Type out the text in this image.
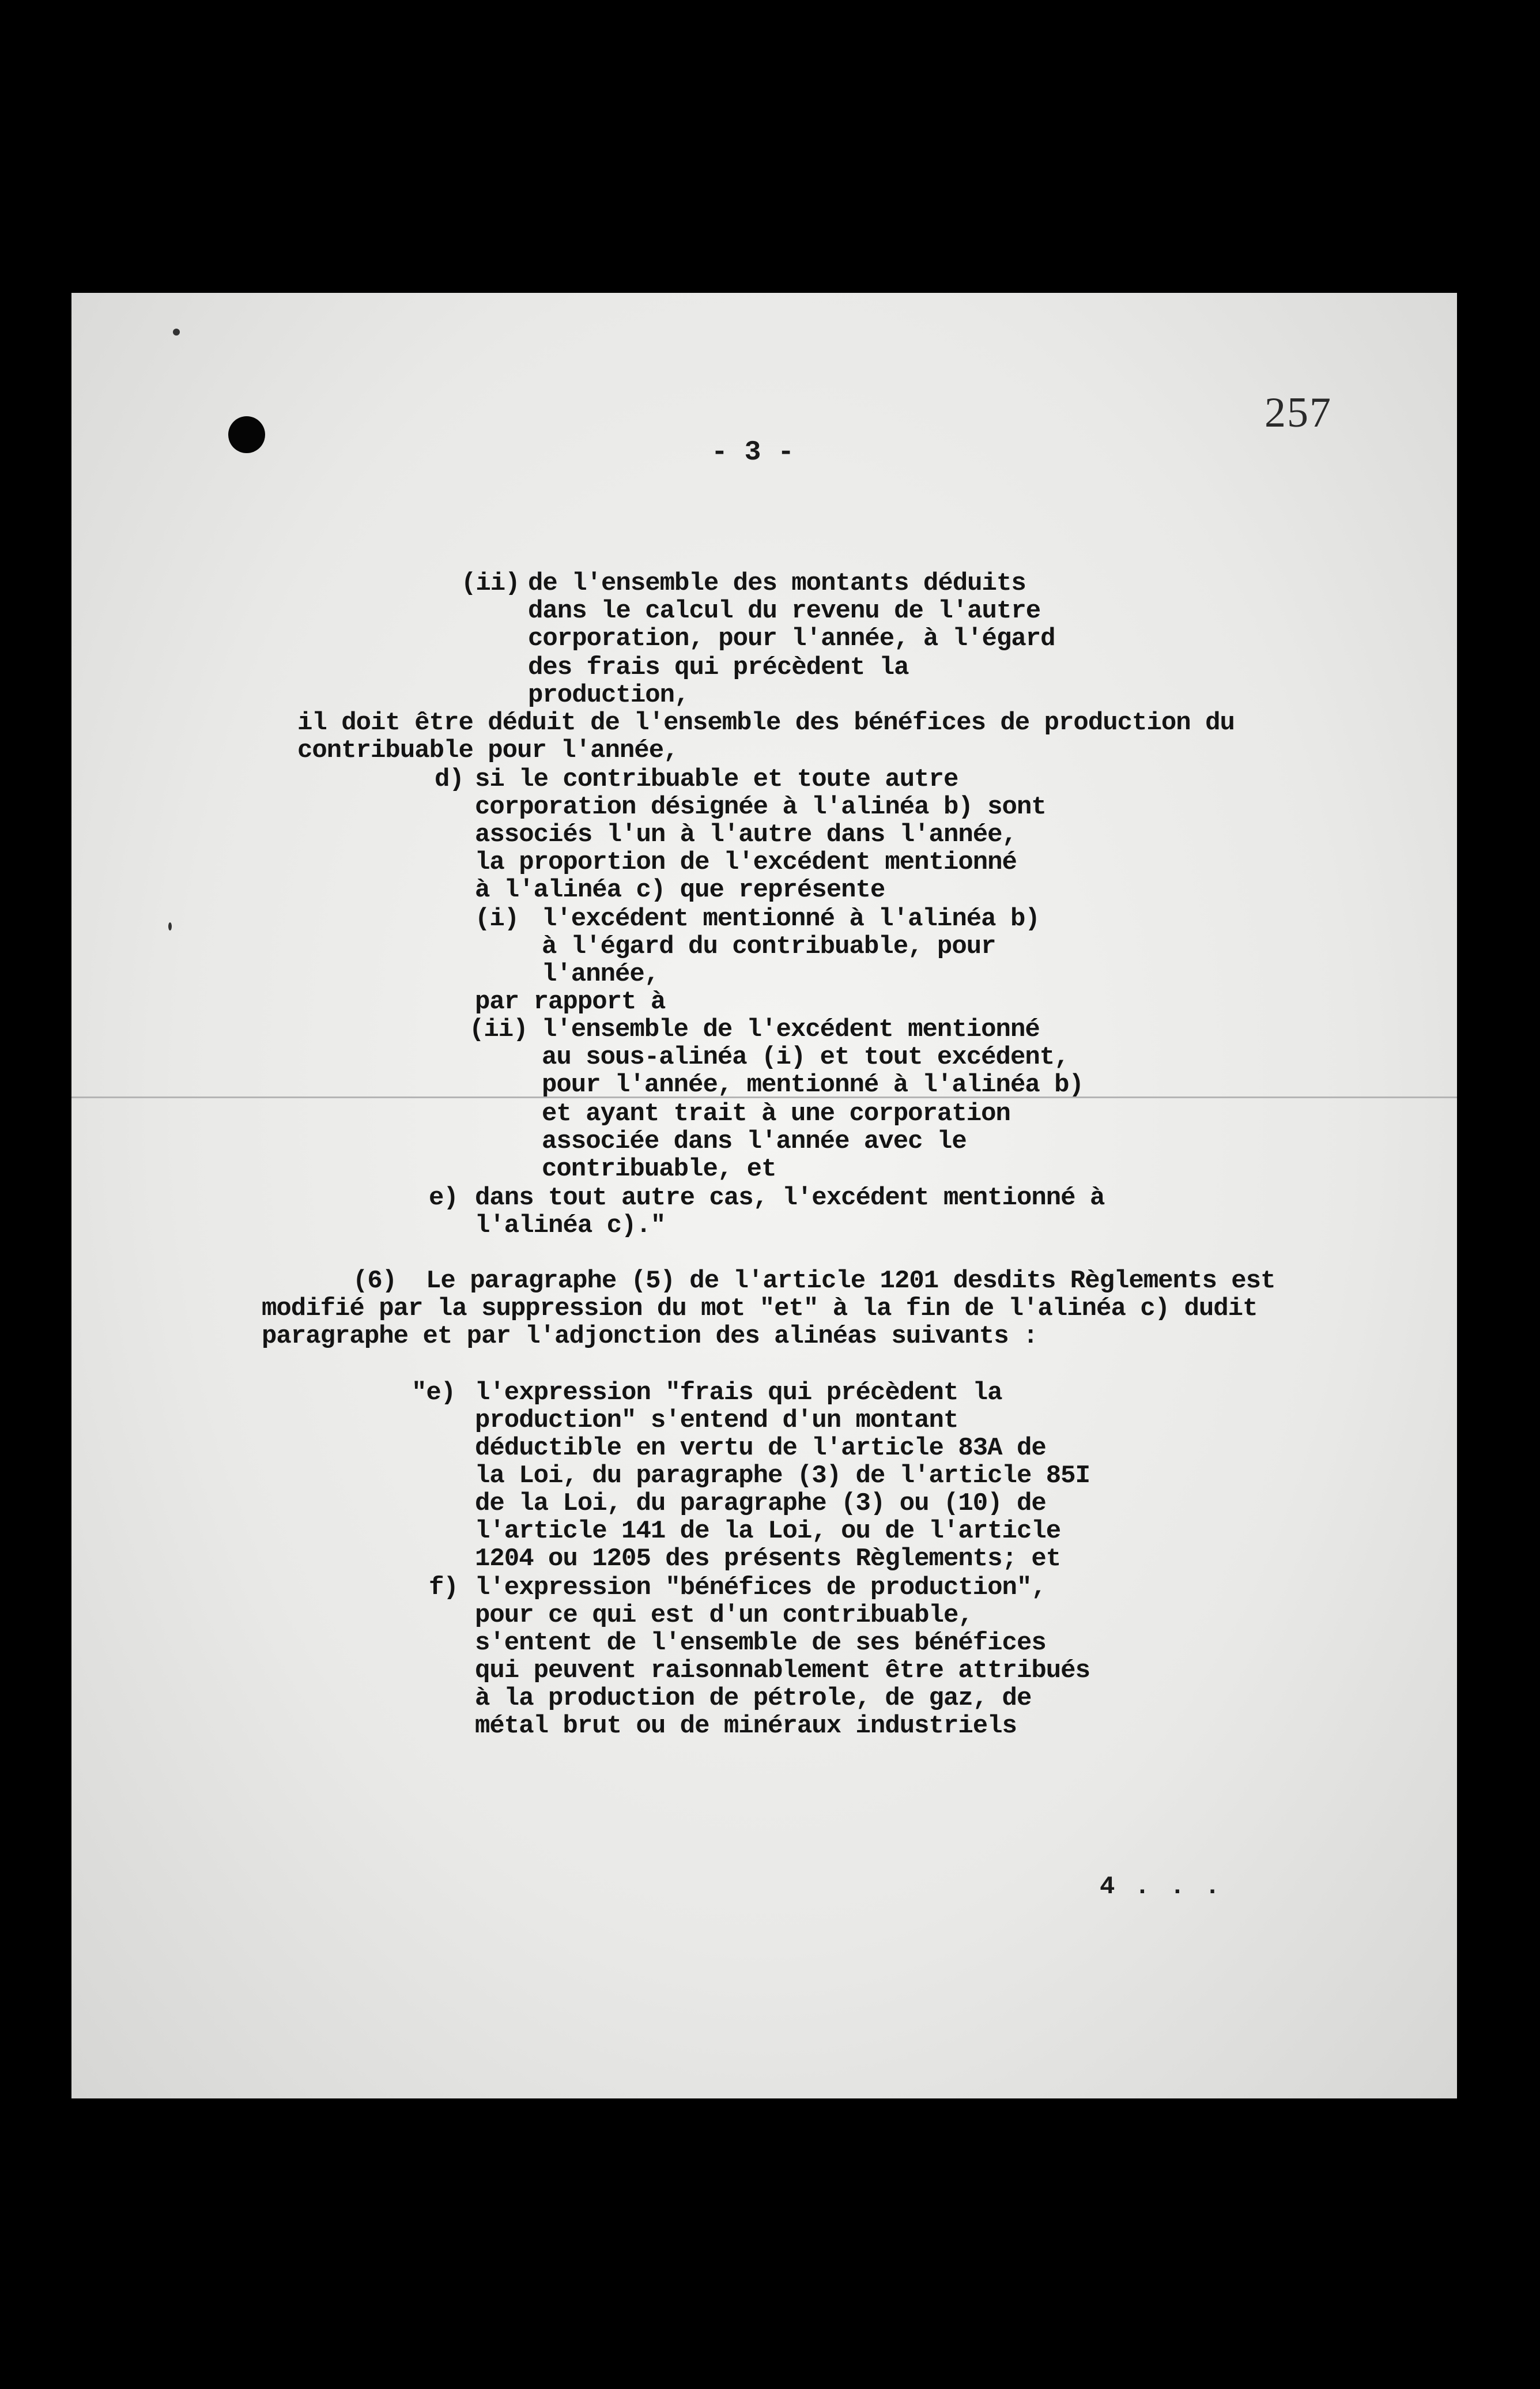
257
- 3 -
(ii) de l'ensemble des montants déduits
dans le calcul du revenu de l'autre
corporation, pour l'année, à l'égard
des frais qui précèdent la
production,
il doit être déduit de l'ensemble des bénéfices de production du
contribuable pour l'année,
d) si le contribuable et toute autre
corporation désignée à l'alinéa b) sont
associés l'un à l'autre dans l'année,
la proportion de l'excédent mentionné
à l'alinéa c) que représente
(i) l'excédent mentionné à l'alinéa b)
à l'égard du contribuable, pour
l'année,
par rapport à
(ii) l'ensemble de l'excédent mentionné
au sous-alinéa (i) et tout excédent,
pour l'année, mentionné à l'alinéa b)
et ayant trait à une corporation
associée dans l'année avec le
contribuable, et
e) dans tout autre cas, l'excédent mentionné à
l'alinéa c)."
(6)  Le paragraphe (5) de l'article 1201 desdits Règlements est
modifié par la suppression du mot "et" à la fin de l'alinéa c) dudit
paragraphe et par l'adjonction des alinéas suivants :
"e) l'expression "frais qui précèdent la
production" s'entend d'un montant
déductible en vertu de l'article 83A de
la Loi, du paragraphe (3) de l'article 85I
de la Loi, du paragraphe (3) ou (10) de
l'article 141 de la Loi, ou de l'article
1204 ou 1205 des présents Règlements; et
f) l'expression "bénéfices de production",
pour ce qui est d'un contribuable,
s'entent de l'ensemble de ses bénéfices
qui peuvent raisonnablement être attribués
à la production de pétrole, de gaz, de
métal brut ou de minéraux industriels
4 . . .
